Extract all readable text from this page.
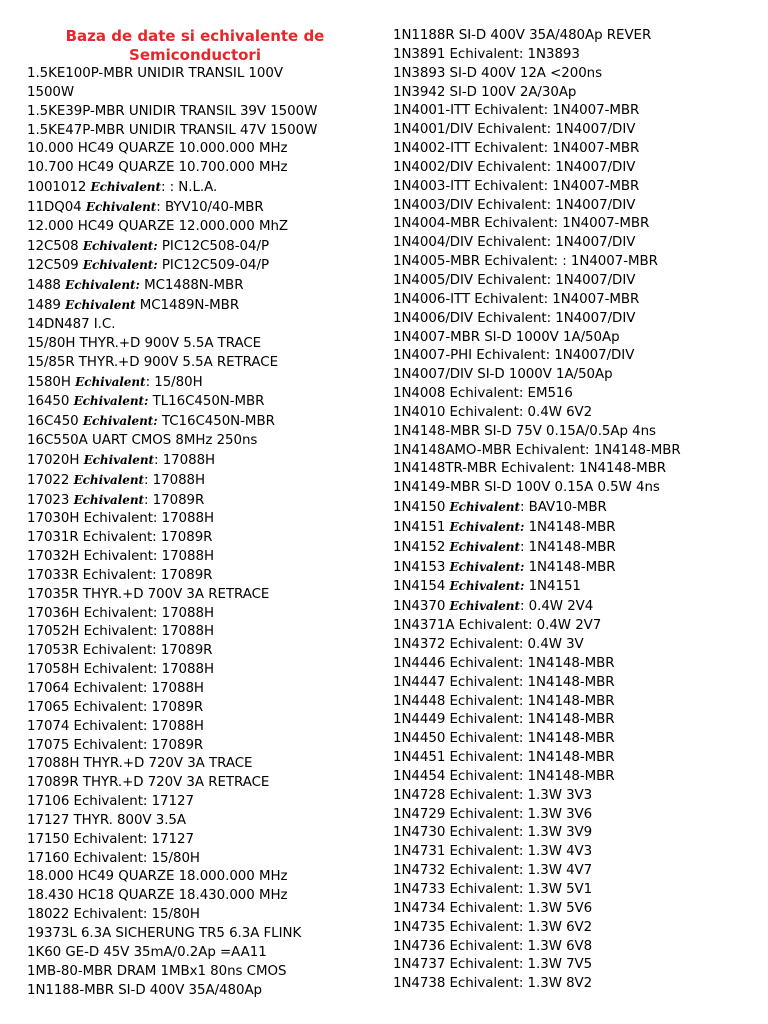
Baza de date si echivalente de Semiconductori
1.5KE100P-MBR UNIDIR TRANSIL 100V
1500W
1.5KE39P-MBR UNIDIR TRANSIL 39V 1500W
1.5KE47P-MBR UNIDIR TRANSIL 47V 1500W
10.000 HC49 QUARZE 10.000.000 MHz
10.700 HC49 QUARZE 10.700.000 MHz
1001012 Echivalent: : N.L.A.
11DQ04 Echivalent: BYV10/40-MBR
12.000 HC49 QUARZE 12.000.000 MhZ
12C508 Echivalent: PIC12C508-04/P
12C509 Echivalent: PIC12C509-04/P
1488 Echivalent: MC1488N-MBR
1489 Echivalent MC1489N-MBR
14DN487 I.C.
15/80H THYR.+D 900V 5.5A TRACE
15/85R THYR.+D 900V 5.5A RETRACE
1580H Echivalent: 15/80H
16450 Echivalent: TL16C450N-MBR
16C450 Echivalent: TC16C450N-MBR
16C550A UART CMOS 8MHz 250ns
17020H Echivalent: 17088H
17022 Echivalent: 17088H
17023 Echivalent: 17089R
17030H Echivalent: 17088H
17031R Echivalent: 17089R
17032H Echivalent: 17088H
17033R Echivalent: 17089R
17035R THYR.+D 700V 3A RETRACE
17036H Echivalent: 17088H
17052H Echivalent: 17088H
17053R Echivalent: 17089R
17058H Echivalent: 17088H
17064 Echivalent: 17088H
17065 Echivalent: 17089R
17074 Echivalent: 17088H
17075 Echivalent: 17089R
17088H THYR.+D 720V 3A TRACE
17089R THYR.+D 720V 3A RETRACE
17106 Echivalent: 17127
17127 THYR. 800V 3.5A
17150 Echivalent: 17127
17160 Echivalent: 15/80H
18.000 HC49 QUARZE 18.000.000 MHz
18.430 HC18 QUARZE 18.430.000 MHz
18022 Echivalent: 15/80H
19373L 6.3A SICHERUNG TR5 6.3A FLINK
1K60 GE-D 45V 35mA/0.2Ap =AA11
1MB-80-MBR DRAM 1MBx1 80ns CMOS
1N1188-MBR SI-D 400V 35A/480Ap
1N1188R SI-D 400V 35A/480Ap REVER
1N3891 Echivalent: 1N3893
1N3893 SI-D 400V 12A <200ns
1N3942 SI-D 100V 2A/30Ap
1N4001-ITT Echivalent: 1N4007-MBR
1N4001/DIV Echivalent: 1N4007/DIV
1N4002-ITT Echivalent: 1N4007-MBR
1N4002/DIV Echivalent: 1N4007/DIV
1N4003-ITT Echivalent: 1N4007-MBR
1N4003/DIV Echivalent: 1N4007/DIV
1N4004-MBR Echivalent: 1N4007-MBR
1N4004/DIV Echivalent: 1N4007/DIV
1N4005-MBR Echivalent: : 1N4007-MBR
1N4005/DIV Echivalent: 1N4007/DIV
1N4006-ITT Echivalent: 1N4007-MBR
1N4006/DIV Echivalent: 1N4007/DIV
1N4007-MBR SI-D 1000V 1A/50Ap
1N4007-PHI Echivalent: 1N4007/DIV
1N4007/DIV SI-D 1000V 1A/50Ap
1N4008 Echivalent: EM516
1N4010 Echivalent: 0.4W 6V2
1N4148-MBR SI-D 75V 0.15A/0.5Ap 4ns
1N4148AMO-MBR Echivalent: 1N4148-MBR
1N4148TR-MBR Echivalent: 1N4148-MBR
1N4149-MBR SI-D 100V 0.15A 0.5W 4ns
1N4150 Echivalent: BAV10-MBR
1N4151 Echivalent: 1N4148-MBR
1N4152 Echivalent: 1N4148-MBR
1N4153 Echivalent: 1N4148-MBR
1N4154 Echivalent: 1N4151
1N4370 Echivalent: 0.4W 2V4
1N4371A Echivalent: 0.4W 2V7
1N4372 Echivalent: 0.4W 3V
1N4446 Echivalent: 1N4148-MBR
1N4447 Echivalent: 1N4148-MBR
1N4448 Echivalent: 1N4148-MBR
1N4449 Echivalent: 1N4148-MBR
1N4450 Echivalent: 1N4148-MBR
1N4451 Echivalent: 1N4148-MBR
1N4454 Echivalent: 1N4148-MBR
1N4728 Echivalent: 1.3W 3V3
1N4729 Echivalent: 1.3W 3V6
1N4730 Echivalent: 1.3W 3V9
1N4731 Echivalent: 1.3W 4V3
1N4732 Echivalent: 1.3W 4V7
1N4733 Echivalent: 1.3W 5V1
1N4734 Echivalent: 1.3W 5V6
1N4735 Echivalent: 1.3W 6V2
1N4736 Echivalent: 1.3W 6V8
1N4737 Echivalent: 1.3W 7V5
1N4738 Echivalent: 1.3W 8V2
